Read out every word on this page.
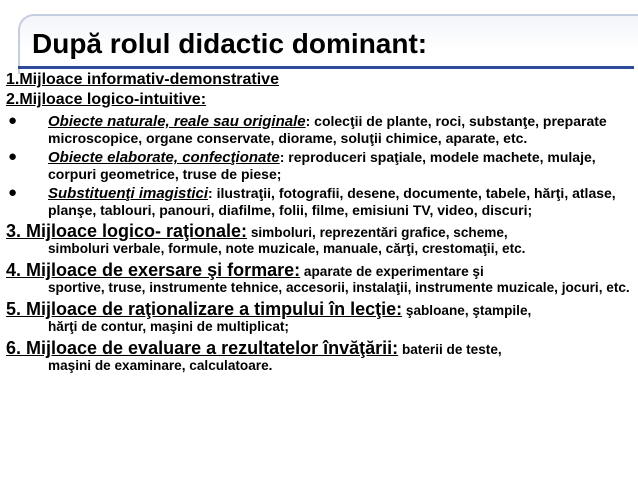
După rolul didactic dominant:
1.Mijloace informativ-demonstrative
2.Mijloace logico-intuitive:
● Obiecte naturale, reale sau originale: colecţii de plante, roci, substanţe, preparate microscopice, organe conservate, diorame, soluţii chimice, aparate, etc.
● Obiecte elaborate, confecţionate: reproduceri spaţiale, modele machete, mulaje, corpuri geometrice, truse de piese;
● Substituenţi imagistici: ilustraţii, fotografii, desene, documente, tabele, hărţi, atlase, planşe, tablouri, panouri, diafilme, folii, filme, emisiuni TV, video, discuri;
3. Mijloace logico- raţionale: simboluri, reprezentări grafice, scheme,
simboluri verbale, formule, note muzicale, manuale, cărţi, crestomaţii, etc.
4. Mijloace de exersare şi formare: aparate de experimentare şi
sportive, truse, instrumente tehnice, accesorii, instalaţii, instrumente muzicale, jocuri, etc.
5. Mijloace de raţionalizare a timpului în lecţie: şabloane, ştampile,
hărţi de contur, maşini de multiplicat;
6. Mijloace de evaluare a rezultatelor învăţării: baterii de teste,
maşini de examinare, calculatoare.
